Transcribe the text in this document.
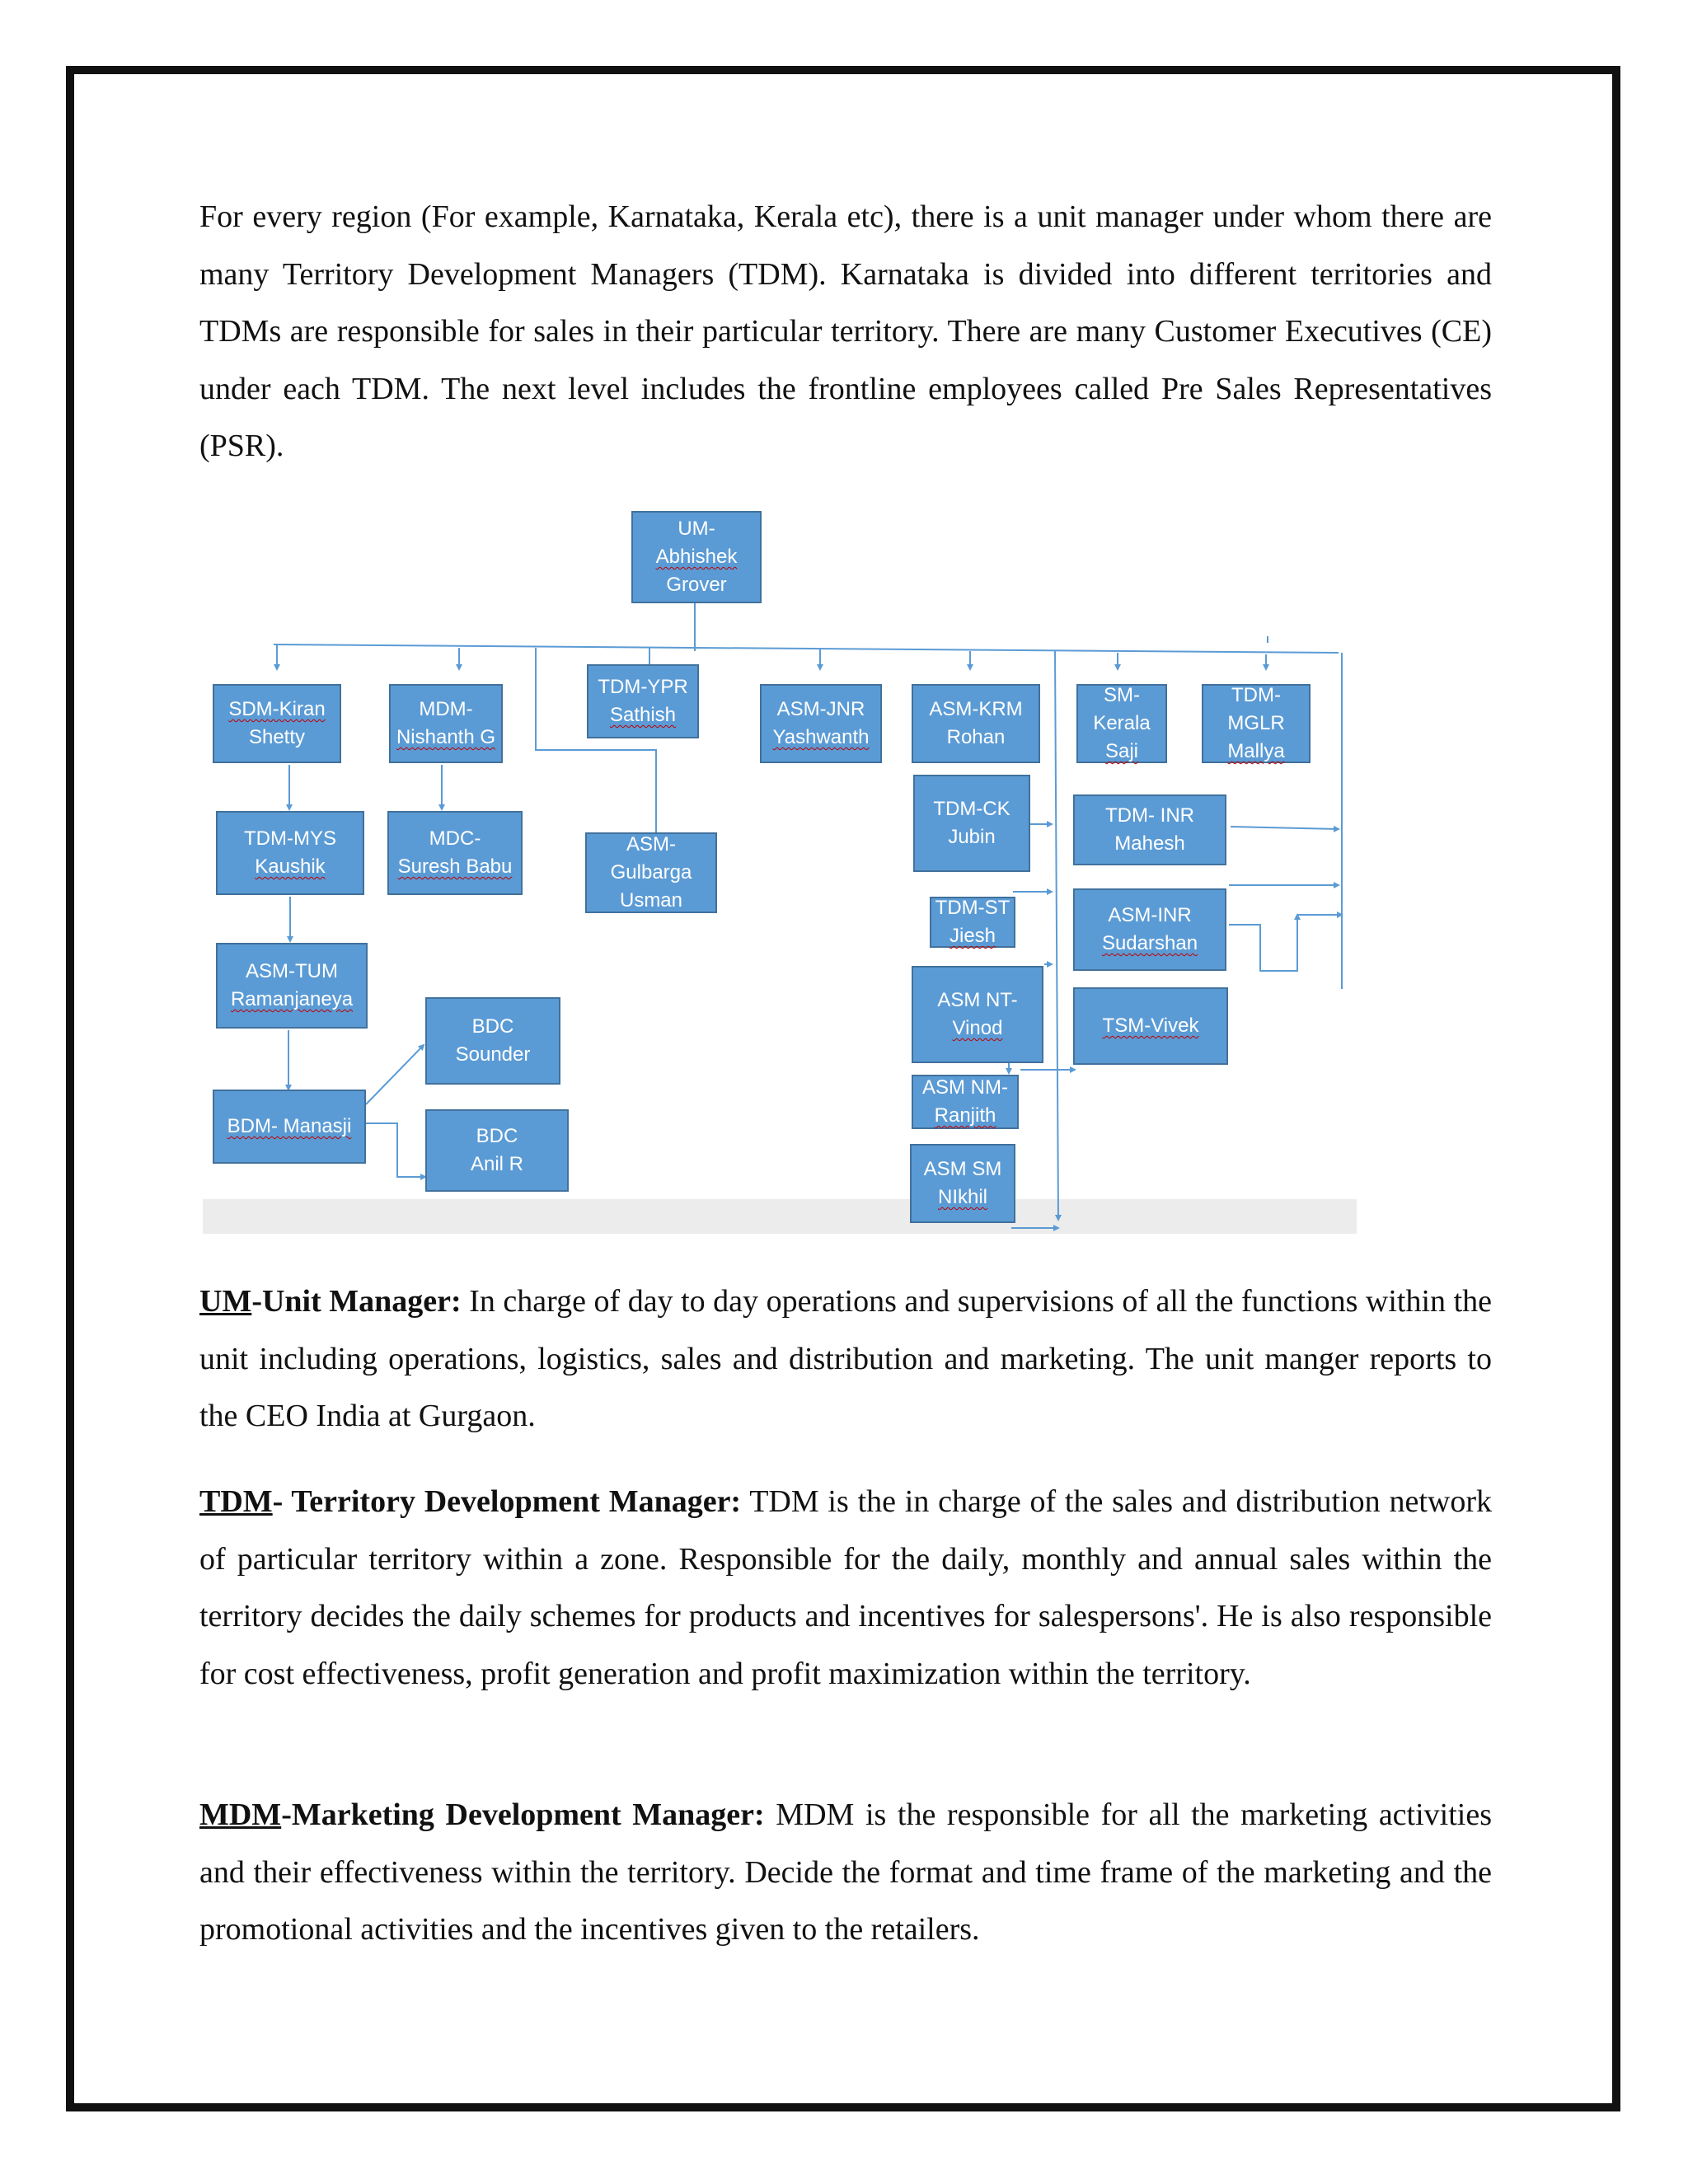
For every region (For example, Karnataka, Kerala etc), there is a unit manager under whom there are many Territory Development Managers (TDM). Karnataka is divided into different territories and TDMs are responsible for sales in their particular territory. There are many Customer Executives (CE) under each TDM. The next level includes the frontline employees called Pre Sales Representatives (PSR).

UM-
Abhishek
Grover
SDM-Kiran
Shetty
MDM-
Nishanth G
TDM-YPR
Sathish	ASM-JNR
Yashwanth
ASM-KRM
Rohan
SM-
Kerala
Saji
TDM-
MGLR
Mallya
TDM-MYS
Kaushik
MDC-
Suresh Babu
ASM-
Gulbarga
Usman
TDM-CK
Jubin
TDM- INR
Mahesh
TDM-ST
Jiesh
ASM-INR
Sudarshan
ASM-TUM
Ramanjaneya
BDC
Sounder
ASM NT-
Vinod	TSM-Vivek
BDM- Manasji
ASM NM-
Ranjith
BDC
Anil R	ASM SM
NIkhil

UM-Unit Manager: In charge of day to day operations and supervisions of all the functions within the unit including operations, logistics, sales and distribution and marketing. The unit manger reports to the CEO India at Gurgaon.

TDM- Territory Development Manager: TDM is the in charge of the sales and distribution network of particular territory within a zone. Responsible for the daily, monthly and annual sales within the territory decides the daily schemes for products and incentives for salespersons'. He is also responsible for cost effectiveness, profit generation and profit maximization within the territory.

MDM-Marketing Development Manager: MDM is the responsible for all the marketing activities and their effectiveness within the territory. Decide the format and time frame of the marketing and the promotional activities and the incentives given to the retailers.
